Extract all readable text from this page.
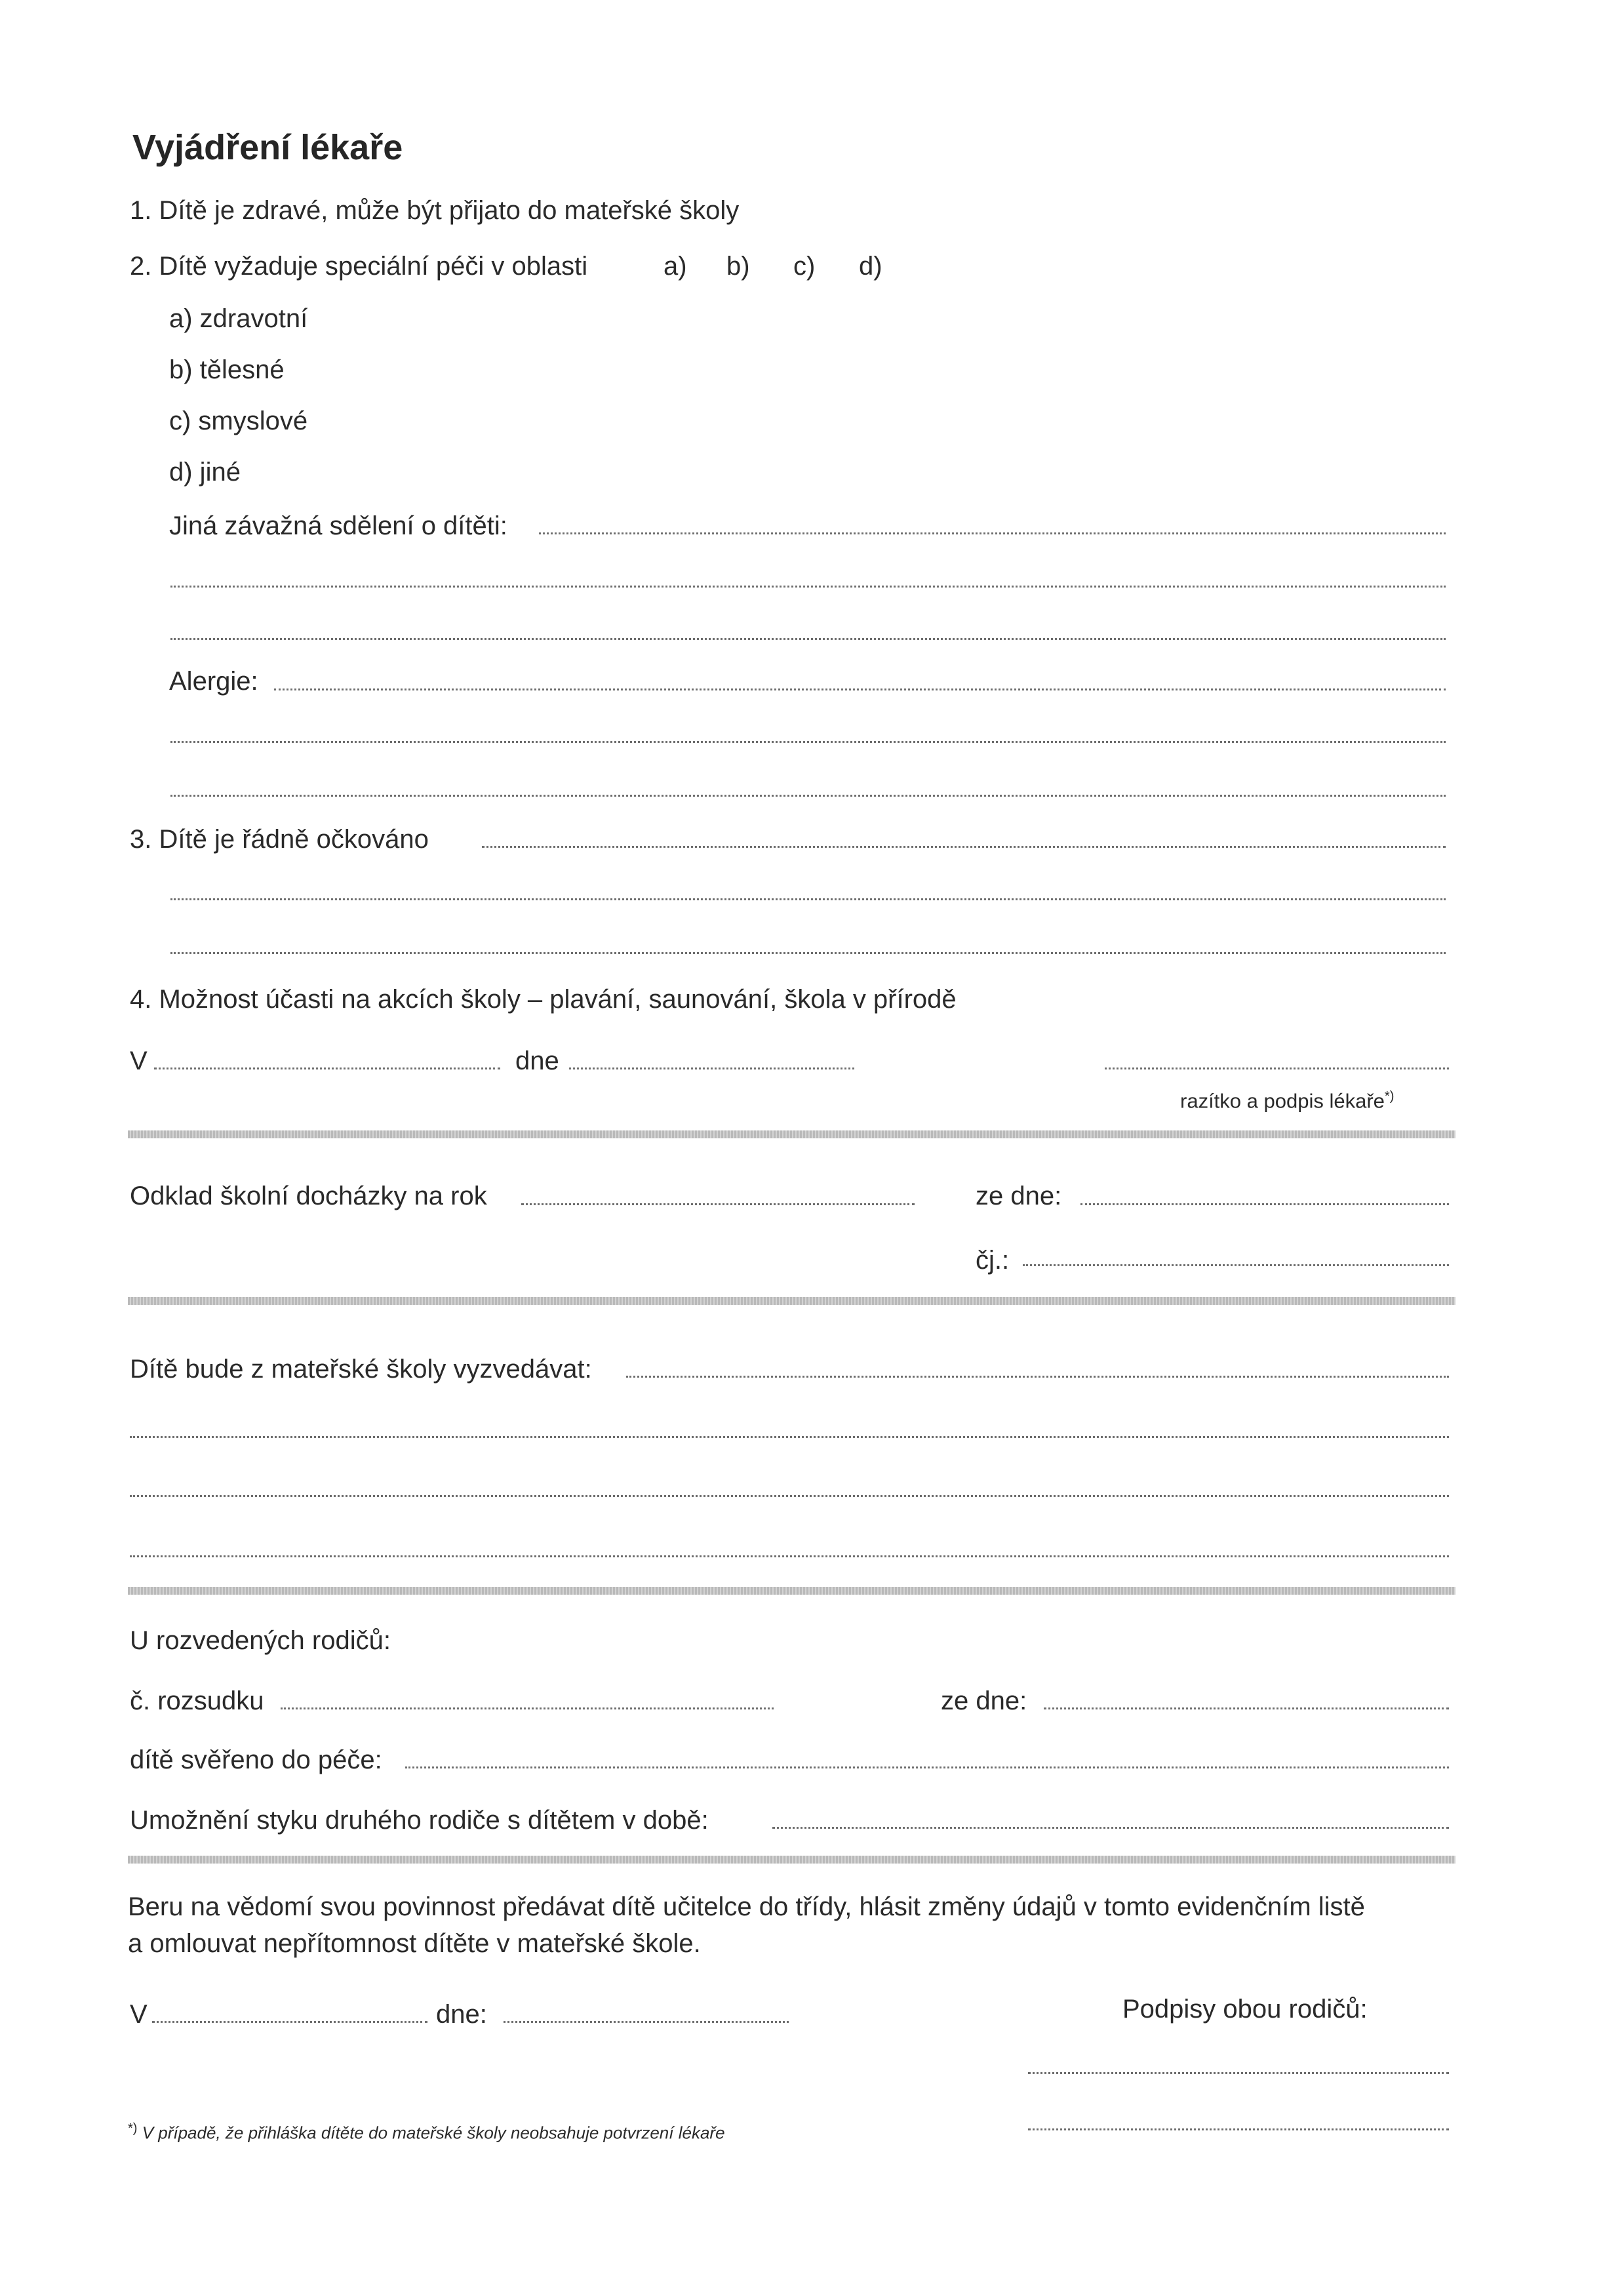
Vyjádření lékaře
1. Dítě je zdravé, může být přijato do mateřské školy
2. Dítě vyžaduje speciální péči v oblasti	a) b) c) d)
a) zdravotní
b) tělesné
c) smyslové
d) jiné
Jiná závažná sdělení o dítěti:
Alergie:
3. Dítě je řádně očkováno
4. Možnost účasti na akcích školy – plavání, saunování, škola v přírodě
V	dne
razítko a podpis lékaře*)
Odklad školní docházky na rok	ze dne:
čj.:
Dítě bude z mateřské školy vyzvedávat:
U rozvedených rodičů:
č. rozsudku	ze dne:
dítě svěřeno do péče:
Umožnění styku druhého rodiče s dítětem v době:
Beru na vědomí svou povinnost předávat dítě učitelce do třídy, hlásit změny údajů v tomto evidenčním listě
a omlouvat nepřítomnost dítěte v mateřské škole.
V	dne:	Podpisy obou rodičů:
*) V případě, že přihláška dítěte do mateřské školy neobsahuje potvrzení lékaře
